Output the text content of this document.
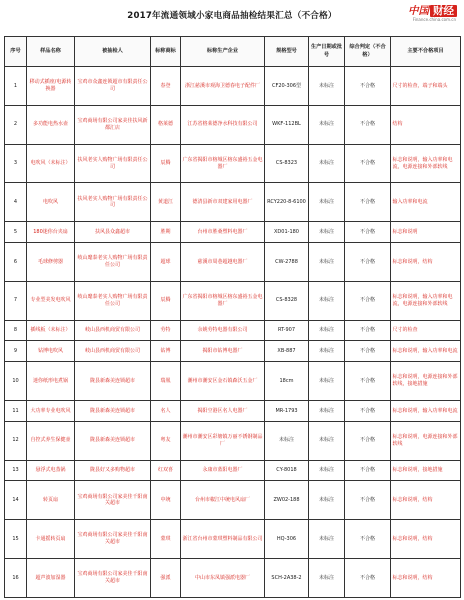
2017年流通领域小家电商品抽检结果汇总（不合格）	中国 财经
Finance.china.com.cn
序号	样品名称	被抽检人	标称商标	标称生产企业	规格型号	生产日期或批号	综合判定（不合格）	主要不合格项目
1	移动式插座/电源转换器	宝鸡市众鑫连锁超市有限责任公司	春登	浙江慈溪市观海卫德春电子配件厂	CF20-306型	未标注	不合格	尺寸的检查，端子和端头
2	多功能电热水壶	宝鸡商场有限公司家美佳扶风新都汇店	格莱德	江苏省格莱德净水科技有限公司	WKF-112BL	未标注	不合格	结构
3	电吹风（未标注）	扶风老实人购物广场有限责任公司	辰腾	广东省揭阳市榕城区榕东盛裕五金电器厂	CS-8323	未标注	不合格	标志和说明，输入功率和电流，电源连接和外部软线
4	电吹风	扶风老实人购物广场有限责任公司	黄道江	德清县新市双建家用电器厂	RCY220-8-6100	未标注	不合格	输入功率和电流
5	180迷你台夹扇	扶风县众鑫超市	胜期	台州市胜桑塑料电器厂	XD01-180	未标注	不合格	标志和说明
6	毛球修剪器	岐山麾泰老实人购物广场有限责任公司	超球	慈溪市周巷超越电器厂	CW-2788	未标注	不合格	标志和说明，结构
7	专业型美发电吹风	岐山麾泰老实人购物广场有限责任公司	辰腾	广东省揭阳市榕城区榕东盛裕五金电器厂	CS-8328	未标注	不合格	标志和说明，输入功率和电流，电源连接和外部软线
8	插线板（未标注）	岐山县西机商贸有限公司	劳特	余姚劳特电器有限公司	RT-907	未标注	不合格	尺寸的检查
9	钻博电吹风	岐山县西机商贸有限公司	钻博	揭阳市钻博电器厂	XB-887	未标注	不合格	标志和说明，输入功率和电流
10	迷你纸形电煮锅	陇县新森美连锁超市	瑞凰	潮州市潮安区金石镇森沃五金厂	18cm	未标注	不合格	标志和说明，电源连接和外部软线，接地措施
11	大功率专业电吹风	陇县新森美连锁超市	名人	揭阳空港区名人电器厂	MR-1793	未标注	不合格	标志和说明，输入功率和电流
12	自控式养生保健壶	陇县新森美连锁超市	粤友	潮州市潮安区彩塘镇万丽不锈钢制品厂	未标注	未标注	不合格	标志和说明，电源连接和外部软线
13	悬浮式电蒸锅	陇县好又多购物超市	红双喜	永康市蓝阳电器厂	CY-8018	未标注	不合格	标志和说明，接地措施
14	转页扇	宝鸡商场有限公司家美佳千阳南关超市	中统	台州市椒江中统电风扇厂	ZW02-188	未标注	不合格	标志和说明，结构
15	卡通摇转页扇	宝鸡商场有限公司家美佳千阳南关超市	蒙琪	浙江省台州市蒙琪塑料制品有限公司	HQ-306	未标注	不合格	标志和说明，结构
16	超声波加湿器	宝鸡商场有限公司家美佳千阳南关超市	强派	中山市东凤镇强派电器厂	SCH-2A38-2	未标注	不合格	标志和说明，结构
